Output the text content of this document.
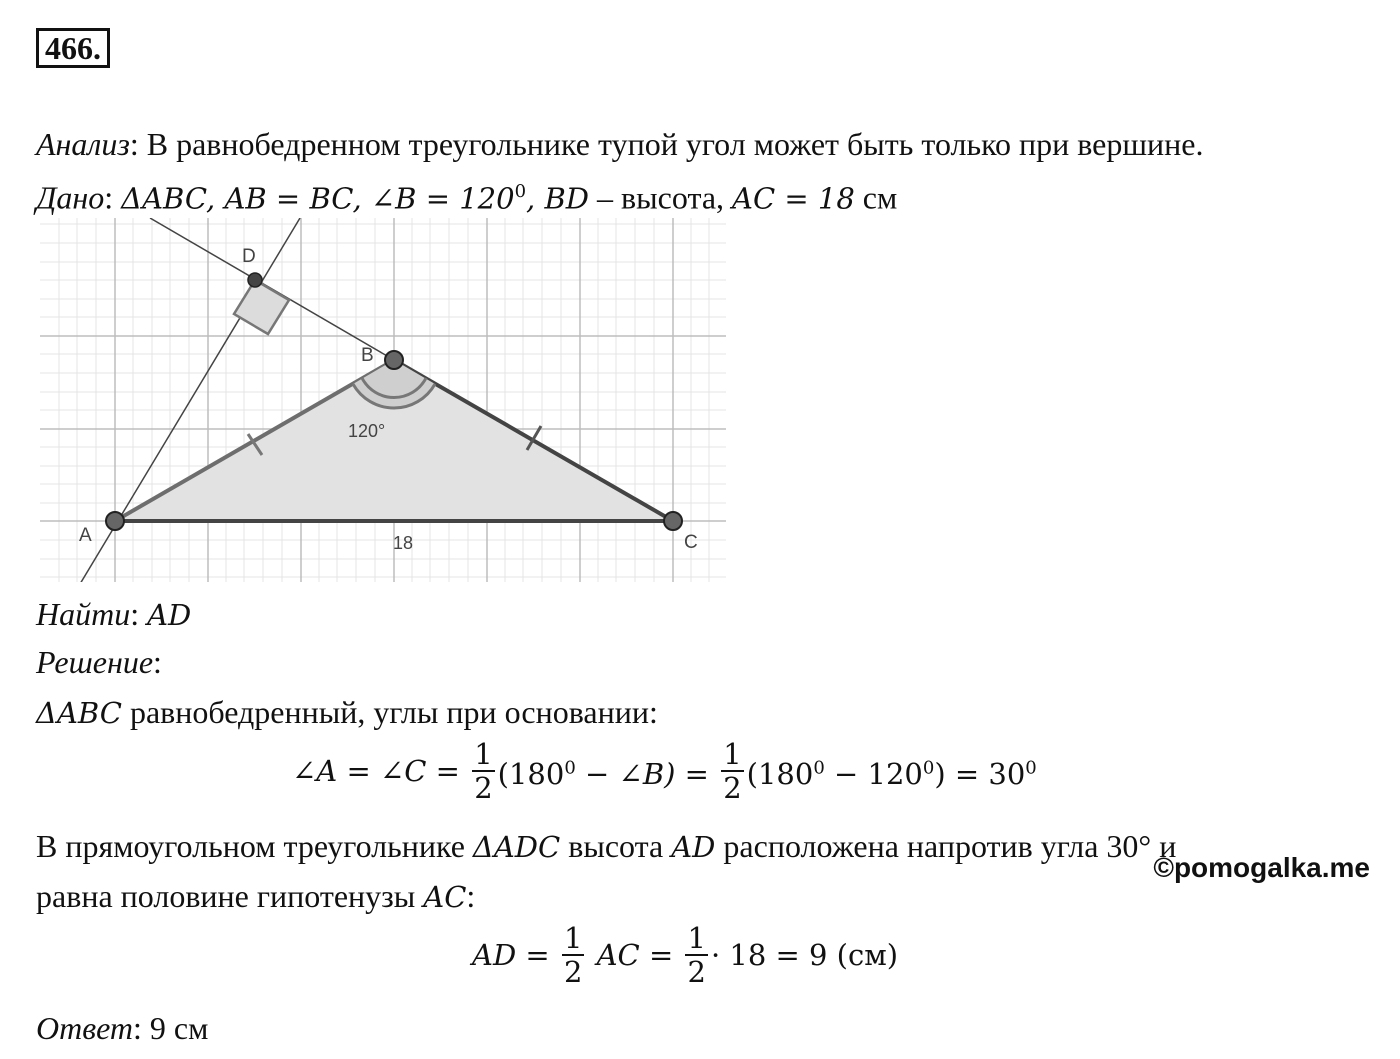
466.
Анализ: В равнобедренном треугольнике тупой угол может быть только при вершине.
Дано: ΔABC, AB = BC, ∠B = $120^0$, BD – высота, AC = 18 см
D
B
A	C
120°
18
Найти: AD
Решение:
ΔABC равнобедренный, углы при основании:
∠A = ∠C = $\frac{1}{2} (180^0$ − ∠B) = $\frac{1}{2} (180^0 - 120^0) = 30^0$
В прямоугольном треугольнике ΔADC высота AD расположена напротив угла 30° и
©pomogalka.me
равна половине гипотенузы AC:
AD = $\frac{1}{2}$ AC = $\frac{1}{2} \cdot 18 = 9$ (см)
Ответ: 9 см
